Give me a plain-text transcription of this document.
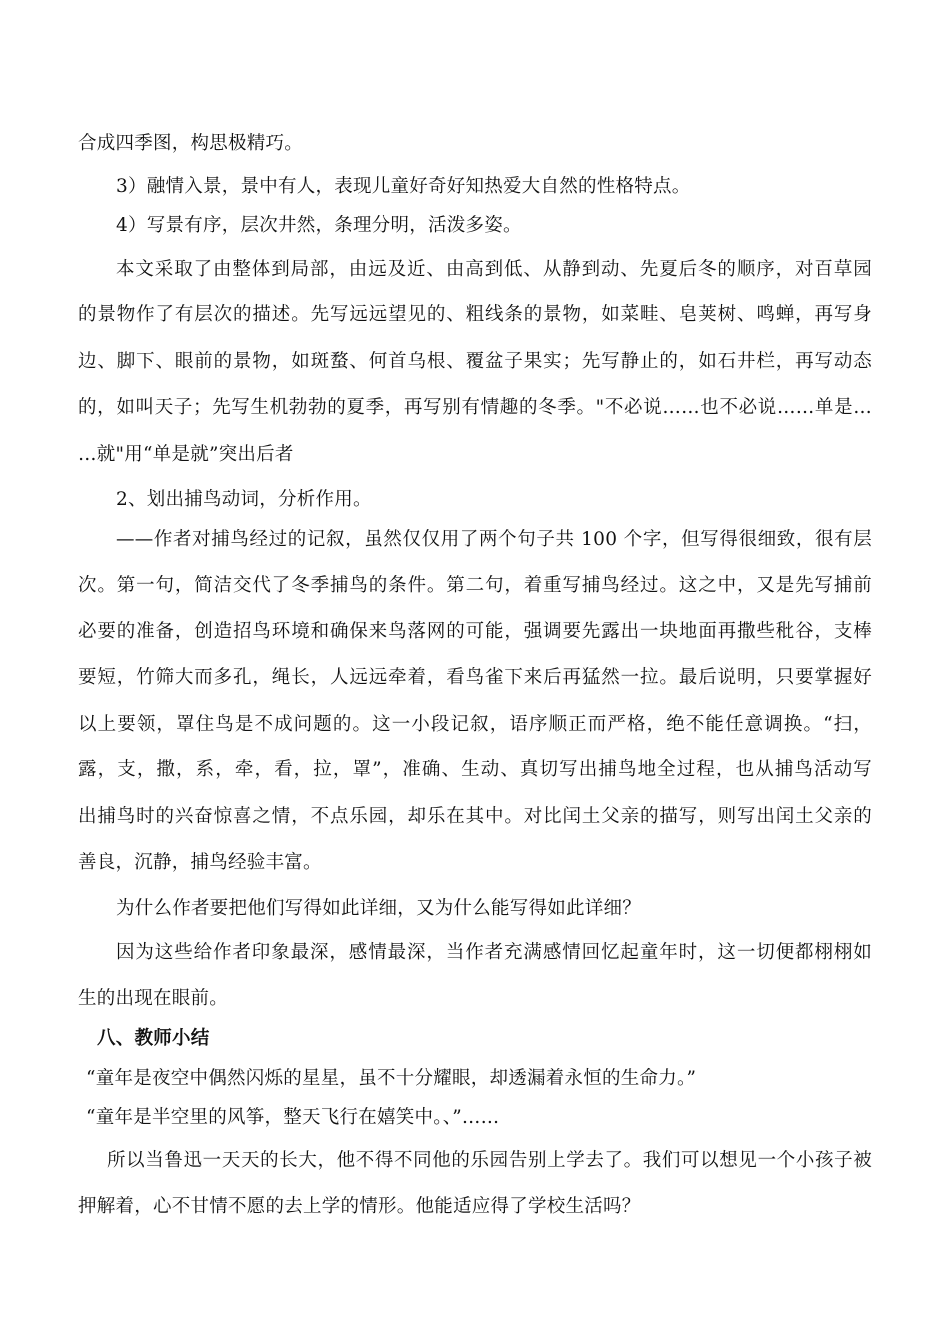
合成四季图，构思极精巧。
3）融情入景，景中有人，表现儿童好奇好知热爱大自然的性格特点。
4）写景有序，层次井然，条理分明，活泼多姿。
本文采取了由整体到局部，由远及近、由高到低、从静到动、先夏后冬的顺序，对百草园
的景物作了有层次的描述。先写远远望见的、粗线条的景物，如菜畦、皂荚树、鸣蝉，再写身
边、脚下、眼前的景物，如斑蝥、何首乌根、覆盆子果实；先写静止的，如石井栏，再写动态
的，如叫天子；先写生机勃勃的夏季，再写别有情趣的冬季。"不必说……也不必说……单是…
…就"用“单是就”突出后者
2、划出捕鸟动词，分析作用。
——作者对捕鸟经过的记叙，虽然仅仅用了两个句子共 100 个字，但写得很细致，很有层
次。第一句，简洁交代了冬季捕鸟的条件。第二句，着重写捕鸟经过。这之中，又是先写捕前
必要的准备，创造招鸟环境和确保来鸟落网的可能，强调要先露出一块地面再撒些秕谷，支棒
要短，竹筛大而多孔，绳长，人远远牵着，看鸟雀下来后再猛然一拉。最后说明，只要掌握好
以上要领，罩住鸟是不成问题的。这一小段记叙，语序顺正而严格，绝不能任意调换。“扫，
露，支，撒，系，牵，看，拉，罩”，准确、生动、真切写出捕鸟地全过程，也从捕鸟活动写
出捕鸟时的兴奋惊喜之情，不点乐园，却乐在其中。对比闰土父亲的描写，则写出闰土父亲的
善良，沉静，捕鸟经验丰富。
为什么作者要把他们写得如此详细，又为什么能写得如此详细？
因为这些给作者印象最深，感情最深，当作者充满感情回忆起童年时，这一切便都栩栩如
生的出现在眼前。
八、教师小结
“童年是夜空中偶然闪烁的星星，虽不十分耀眼，却透漏着永恒的生命力。”
“童年是半空里的风筝，整天飞行在嬉笑中。、”……
所以当鲁迅一天天的长大，他不得不同他的乐园告别上学去了。我们可以想见一个小孩子被
押解着，心不甘情不愿的去上学的情形。他能适应得了学校生活吗？
